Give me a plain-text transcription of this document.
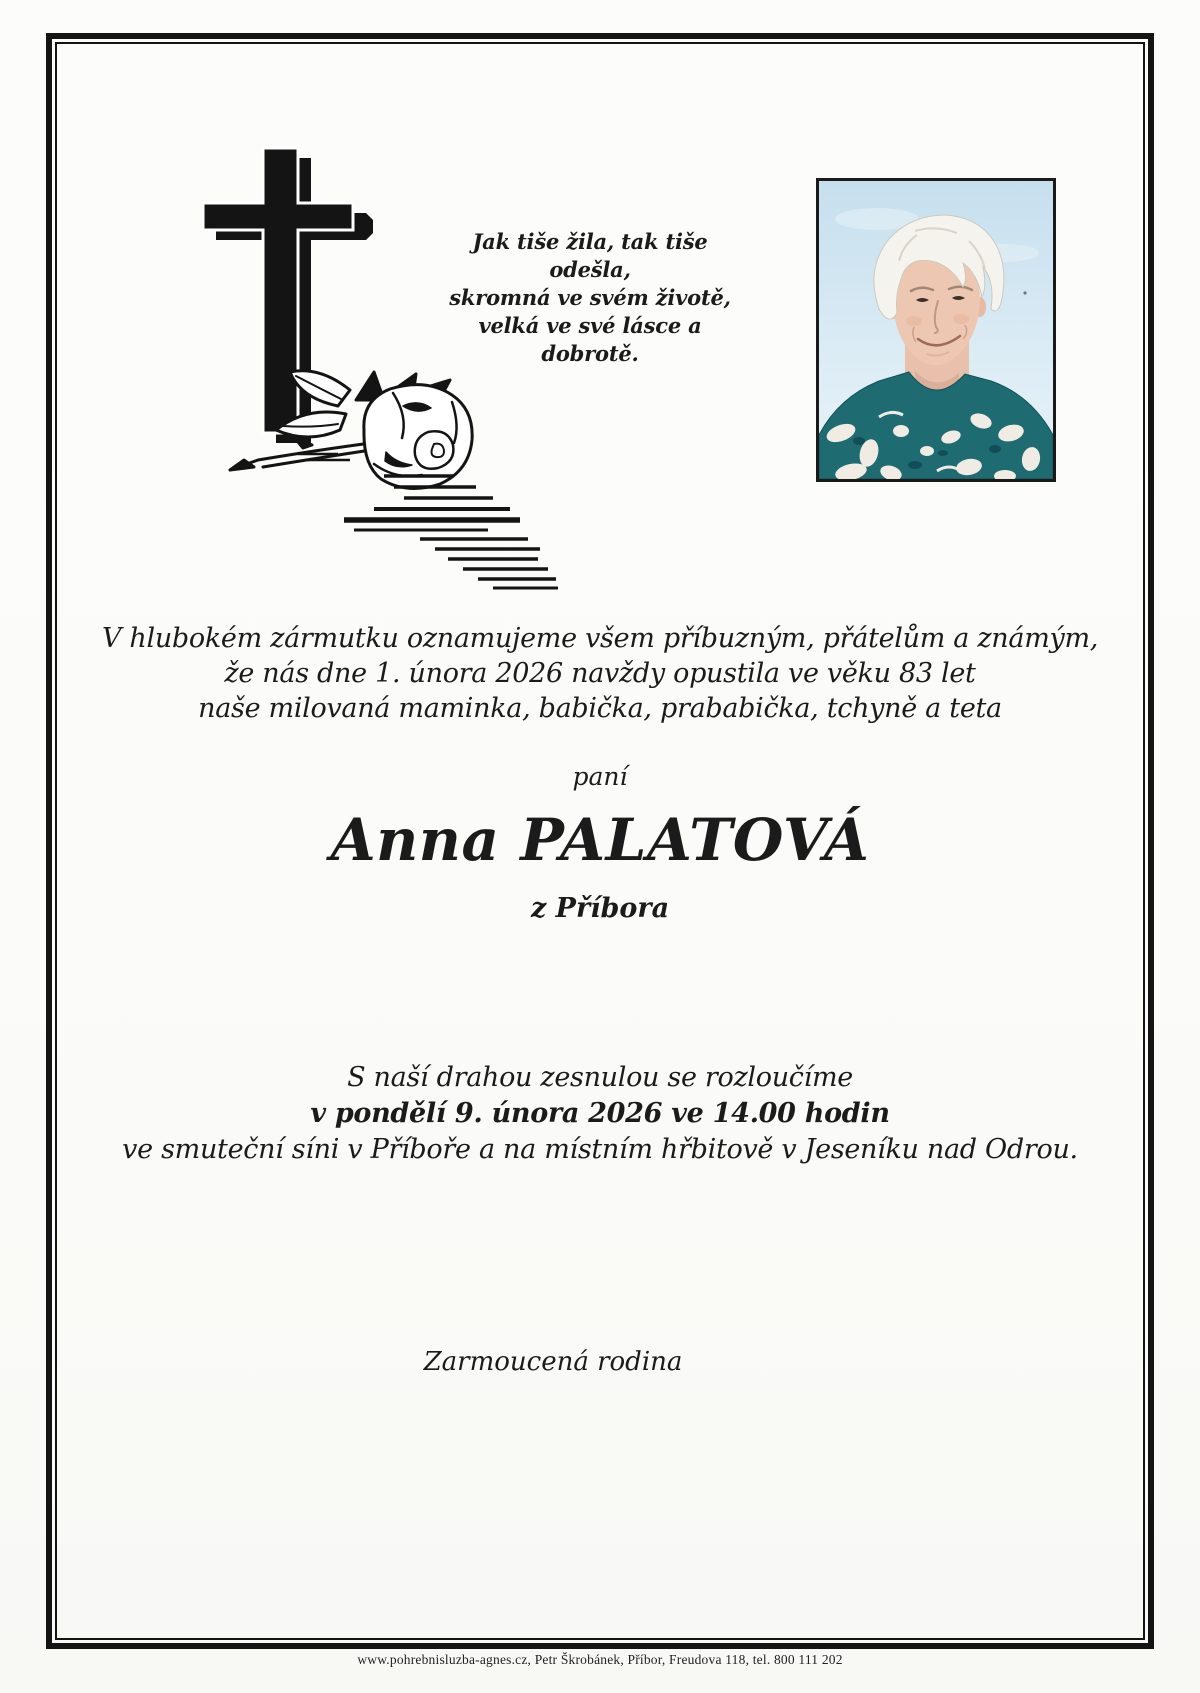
Jak tiše žila, tak tiše odešla,
skromná ve svém životě,
velká ve své lásce a dobrotě.
V hlubokém zármutku oznamujeme všem příbuzným, přátelům a známým,
že nás dne 1. února 2026 navždy opustila ve věku 83 let
naše milovaná maminka, babička, prababička, tchyně a teta
paní
Anna PALATOVÁ
z Příbora
S naší drahou zesnulou se rozloučíme
v pondělí 9. února 2026 ve 14.00 hodin
ve smuteční síni v Příboře a na místním hřbitově v Jeseníku nad Odrou.
Zarmoucená rodina
www.pohrebnisluzba-agnes.cz, Petr Škrobánek, Příbor, Freudova 118, tel. 800 111 202
